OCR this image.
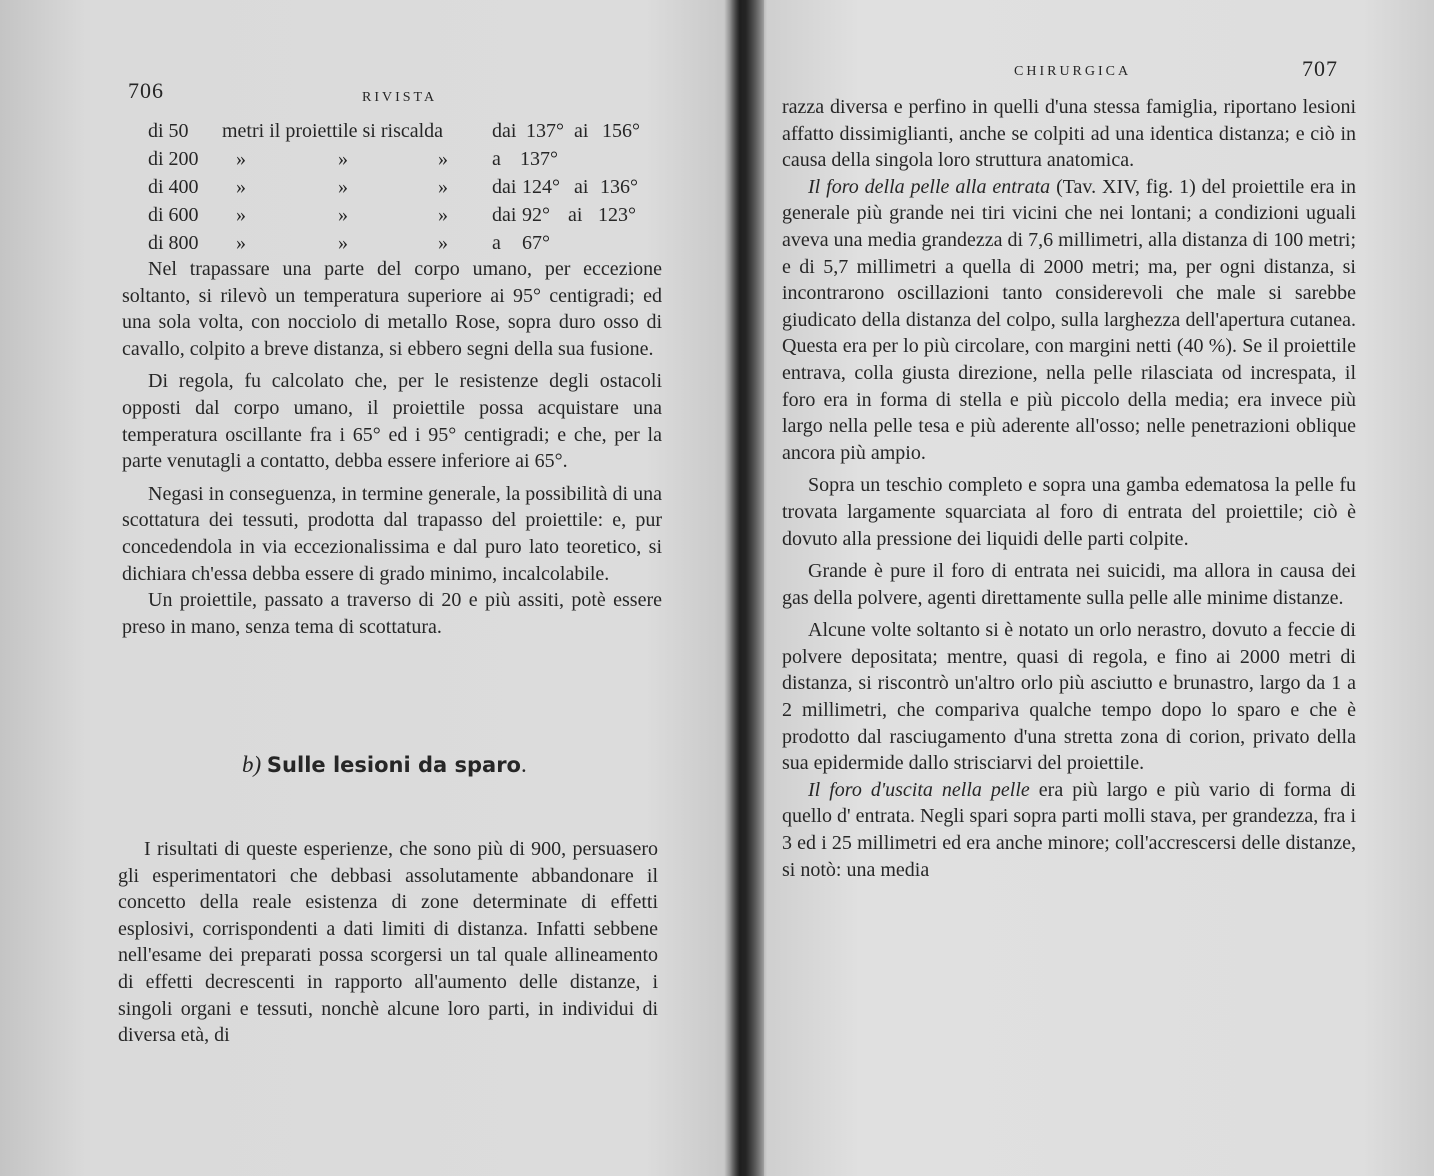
706	RIVISTA
di 50 metri il proiettile si riscalda dai 137° ai 156°
di 200 »	»	» a 137°
di 400 »	»	» dai 124° ai 136°
di 600 »	»	» dai 92° ai 123°
di 800 »	»	» a 67°

Nel trapassare una parte del corpo umano, per eccezione soltanto, si rilevò un temperatura superiore ai 95° centigradi; ed una sola volta, con nocciolo di metallo Rose, sopra duro osso di cavallo, colpito a breve distanza, si ebbero segni della sua fusione.

Di regola, fu calcolato che, per le resistenze degli ostacoli opposti dal corpo umano, il proiettile possa acquistare una temperatura oscillante fra i 65° ed i 95° centigradi; e che, per la parte venutagli a contatto, debba essere inferiore ai 65°.

Negasi in conseguenza, in termine generale, la possibilità di una scottatura dei tessuti, prodotta dal trapasso del proiettile: e, pur concedendola in via eccezionalissima e dal puro lato teoretico, si dichiara ch'essa debba essere di grado minimo, incalcolabile.

Un proiettile, passato a traverso di 20 e più assiti, potè essere preso in mano, senza tema di scottatura.

b) Sulle lesioni da sparo.

I risultati di queste esperienze, che sono più di 900, persuasero gli esperimentatori che debbasi assolutamente abbandonare il concetto della reale esistenza di zone determinate di effetti esplosivi, corrispondenti a dati limiti di distanza. Infatti sebbene nell'esame dei preparati possa scorgersi un tal quale allineamento di effetti decrescenti in rapporto all'aumento delle distanze, i singoli organi e tessuti, nonchè alcune loro parti, in individui di diversa età, di

CHIRURGICA	707

razza diversa e perfino in quelli d'una stessa famiglia, riportano lesioni affatto dissimiglianti, anche se colpiti ad una identica distanza; e ciò in causa della singola loro struttura anatomica.

Il foro della pelle alla entrata (Tav. XIV, fig. 1) del proiettile era in generale più grande nei tiri vicini che nei lontani; a condizioni uguali aveva una media grandezza di 7,6 millimetri, alla distanza di 100 metri; e di 5,7 millimetri a quella di 2000 metri; ma, per ogni distanza, si incontrarono oscillazioni tanto considerevoli che male si sarebbe giudicato della distanza del colpo, sulla larghezza dell'apertura cutanea. Questa era per lo più circolare, con margini netti (40 %). Se il proiettile entrava, colla giusta direzione, nella pelle rilasciata od increspata, il foro era in forma di stella e più piccolo della media; era invece più largo nella pelle tesa e più aderente all'osso; nelle penetrazioni oblique ancora più ampio.

Sopra un teschio completo e sopra una gamba edematosa la pelle fu trovata largamente squarciata al foro di entrata del proiettile; ciò è dovuto alla pressione dei liquidi delle parti colpite.

Grande è pure il foro di entrata nei suicidi, ma allora in causa dei gas della polvere, agenti direttamente sulla pelle alle minime distanze.

Alcune volte soltanto si è notato un orlo nerastro, dovuto a feccie di polvere depositata; mentre, quasi di regola, e fino ai 2000 metri di distanza, si riscontrò un'altro orlo più asciutto e brunastro, largo da 1 a 2 millimetri, che compariva qualche tempo dopo lo sparo e che è prodotto dal rasciugamento d'una stretta zona di corion, privato della sua epidermide dallo strisciarvi del proiettile.

Il foro d'uscita nella pelle era più largo e più vario di forma di quello d' entrata. Negli spari sopra parti molli stava, per grandezza, fra i 3 ed i 25 millimetri ed era anche minore; coll'accrescersi delle distanze, si notò: una media
